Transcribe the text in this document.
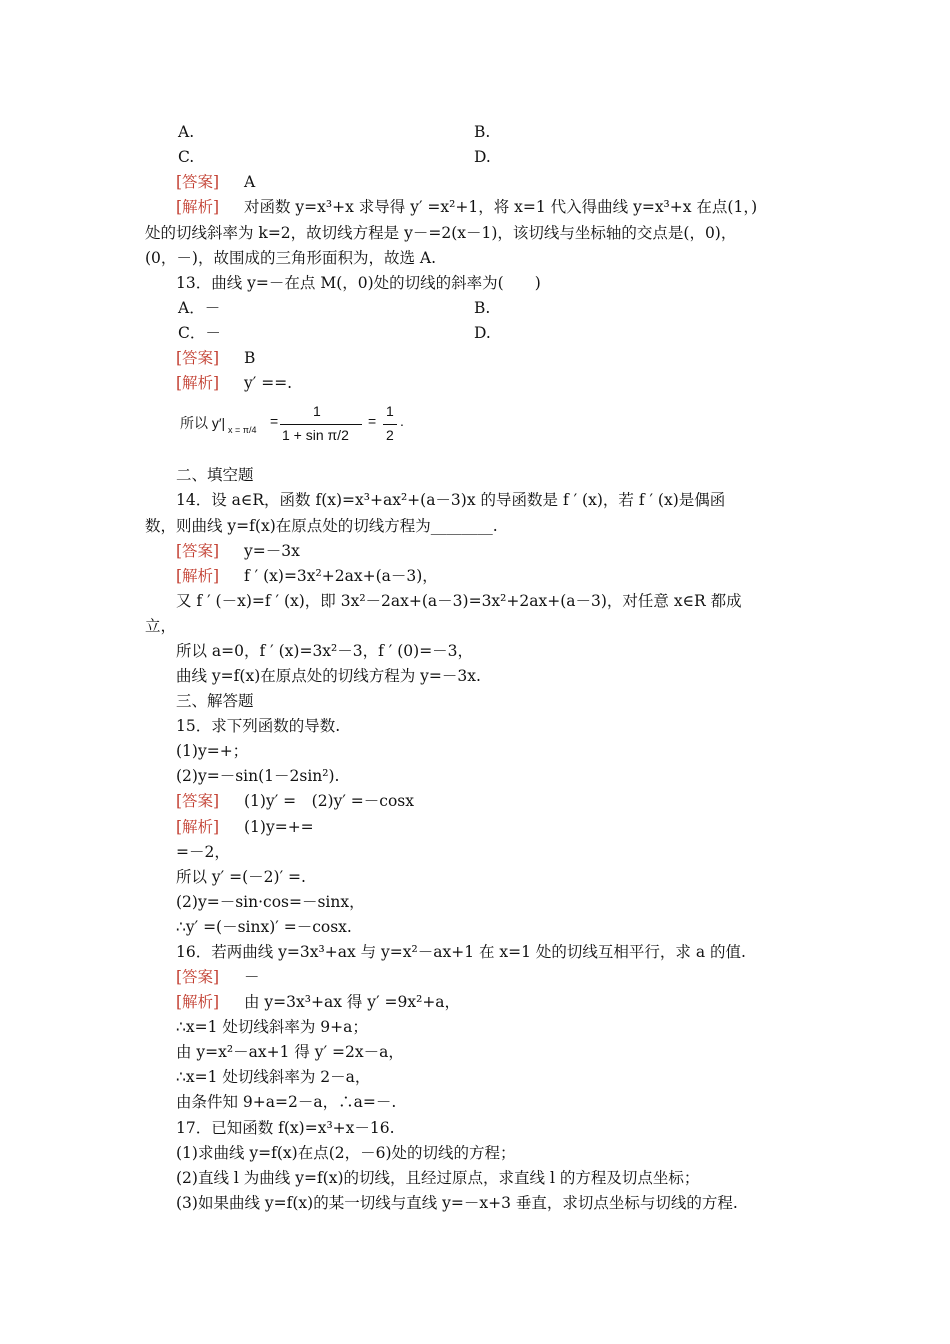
A.	B.
C.	D.
[答案] A
[解析] 对函数 y=x³+x 求导得 y′ =x²+1，将 x=1 代入得曲线 y=x³+x 在点(1，)
处的切线斜率为 k=2，故切线方程是 y－=2(x－1)，该切线与坐标轴的交点是(，0)，
(0，－)，故围成的三角形面积为，故选 A.
13．曲线 y=－在点 M(，0)处的切线的斜率为(　　)
A．－	B.
C．－	D.
[答案] B
[解析] y′ ==.
二、填空题
14．设 a∈R，函数 f(x)=x³+ax²+(a－3)x 的导函数是 f ′ (x)，若 f ′ (x)是偶函
数，则曲线 y=f(x)在原点处的切线方程为________.
[答案] y=－3x
[解析] f ′ (x)=3x²+2ax+(a－3)，
又 f ′ (－x)=f ′ (x)，即 3x²－2ax+(a－3)=3x²+2ax+(a－3)，对任意 x∈R 都成
立，
所以 a=0，f ′ (x)=3x²－3，f ′ (0)=－3，
曲线 y=f(x)在原点处的切线方程为 y=－3x.
三、解答题
15．求下列函数的导数.
(1)y=+；
(2)y=－sin(1－2sin²).
[答案] (1)y′ =　(2)y′ =－cosx
[解析] (1)y=+=
=－2，
所以 y′ =(－2)′ =.
(2)y=－sin·cos=－sinx，
∴y′ =(－sinx)′ =－cosx.
16．若两曲线 y=3x³+ax 与 y=x²－ax+1 在 x=1 处的切线互相平行，求 a 的值.
[答案] －
[解析] 由 y=3x³+ax 得 y′ =9x²+a，
∴x=1 处切线斜率为 9+a；
由 y=x²－ax+1 得 y′ =2x－a，
∴x=1 处切线斜率为 2－a，
由条件知 9+a=2－a，∴a=－.
17．已知函数 f(x)=x³+x－16.
(1)求曲线 y=f(x)在点(2，－6)处的切线的方程；
(2)直线 l 为曲线 y=f(x)的切线，且经过原点，求直线 l 的方程及切点坐标；
(3)如果曲线 y=f(x)的某一切线与直线 y=－x+3 垂直，求切点坐标与切线的方程.
所以 y′| x = π/4
=
1
1 + sin π/2
=
1
2
.
